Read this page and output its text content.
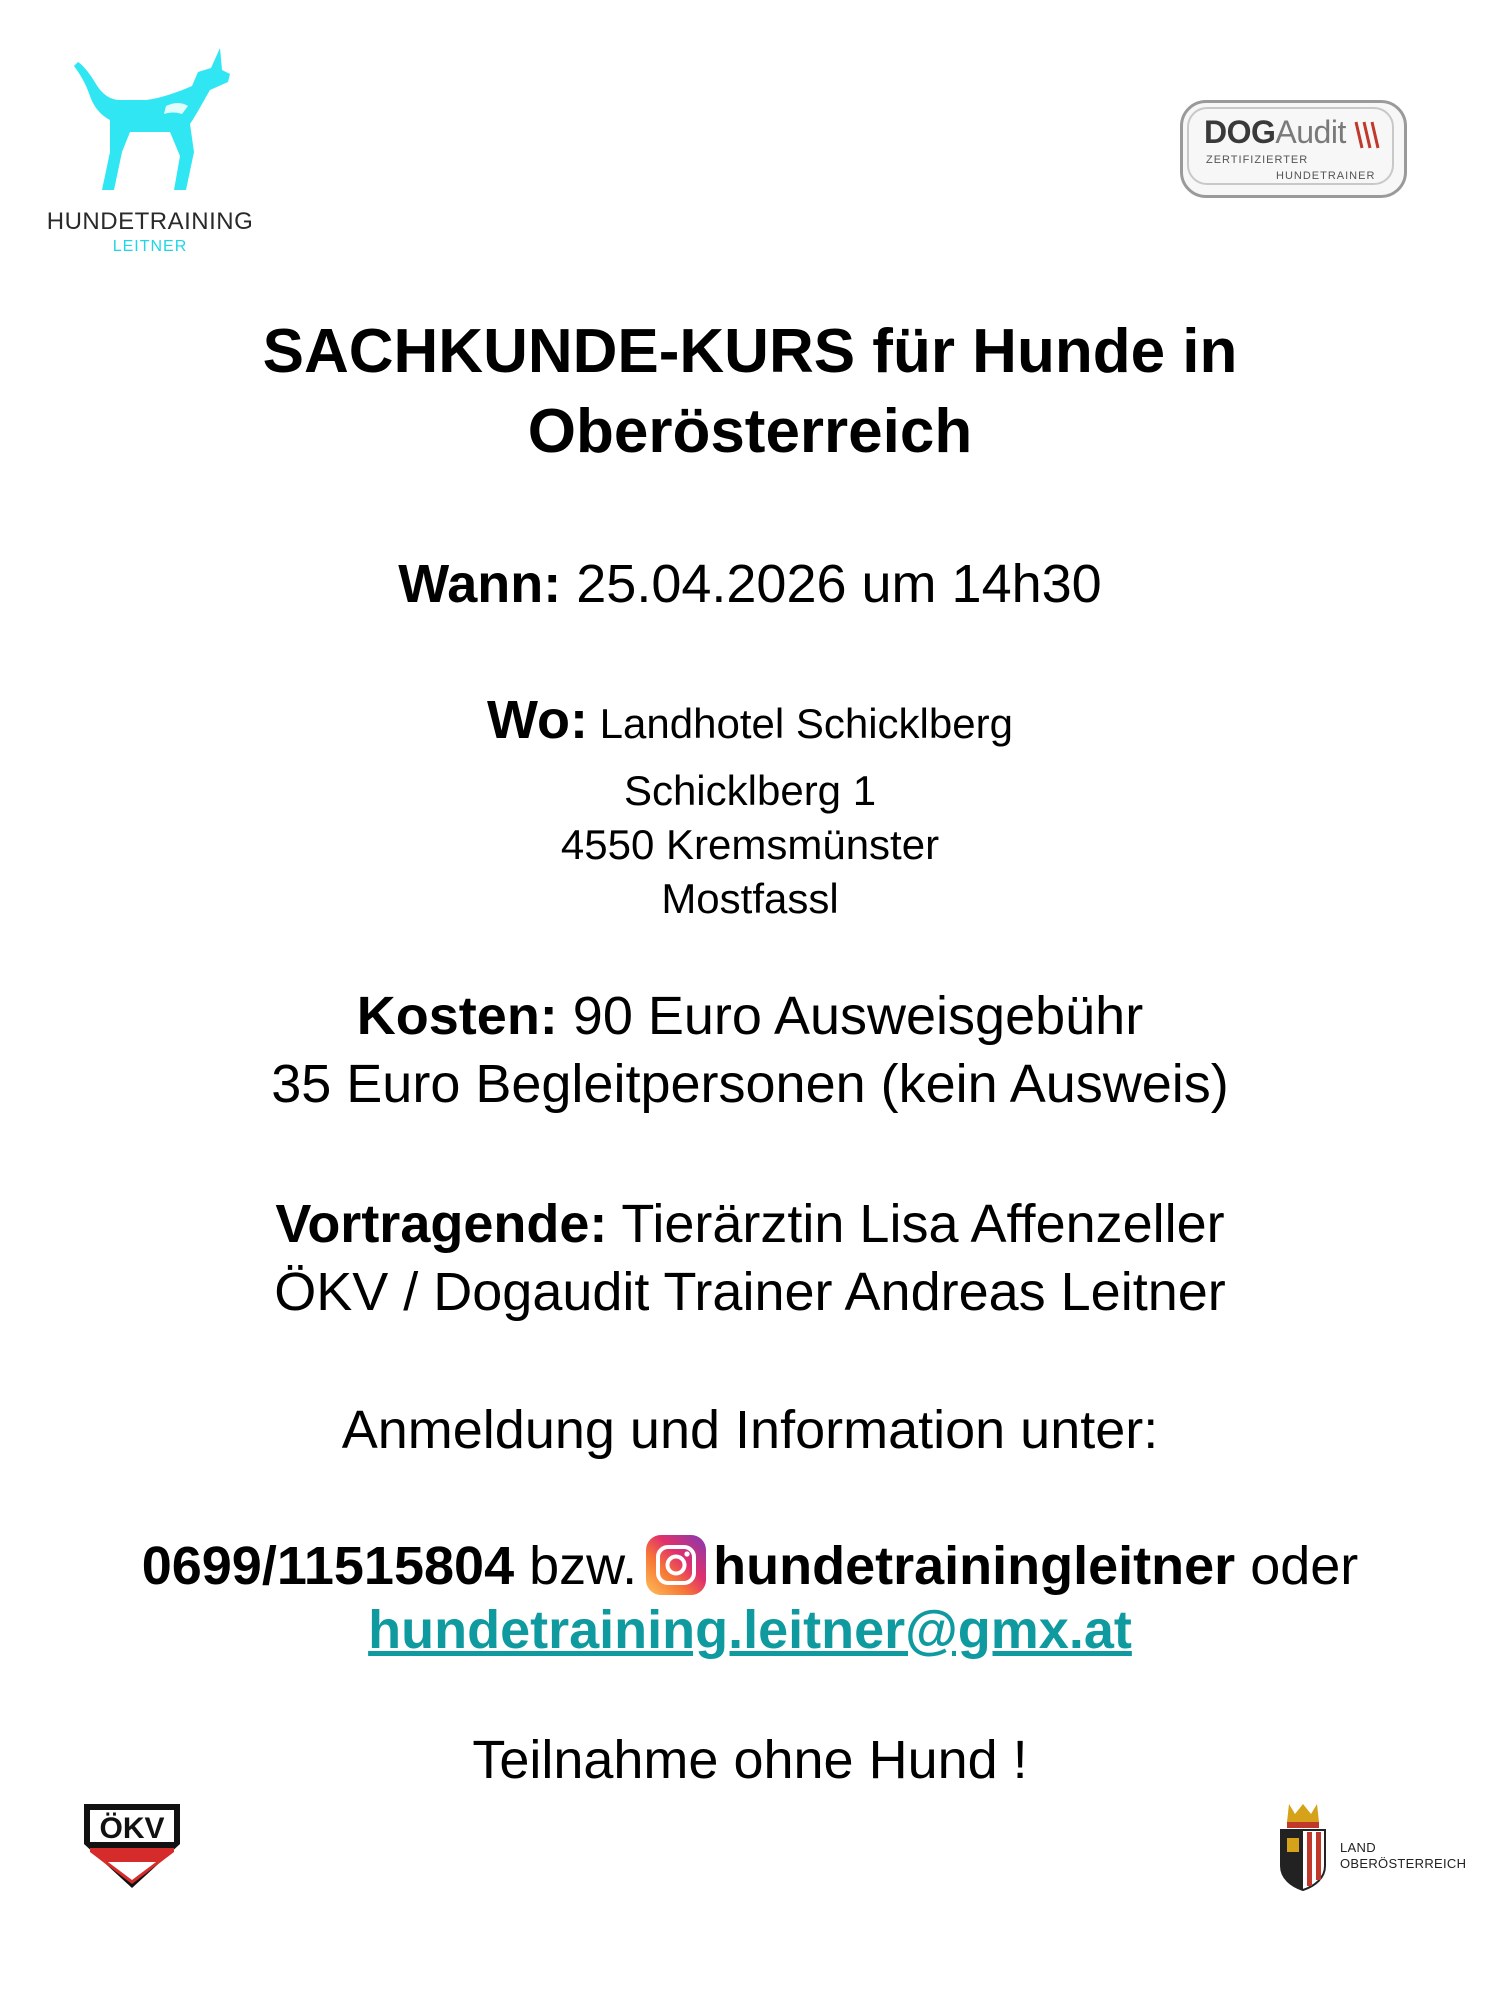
HUNDETRAINING
LEITNER
DOGAudit
ZERTIFIZIERTER
HUNDETRAINER
SACHKUNDE-KURS für Hunde in
Oberösterreich
Wann: 25.04.2026 um 14h30
Wo: Landhotel Schicklberg
Schicklberg 1
4550 Kremsmünster
Mostfassl
Kosten: 90 Euro Ausweisgebühr
35 Euro Begleitpersonen (kein Ausweis)
Vortragende: Tierärztin Lisa Affenzeller
ÖKV / Dogaudit Trainer Andreas Leitner
Anmeldung und Information unter:
0699/11515804 bzw. hundetrainingleitner oder
hundetraining.leitner@gmx.at
Teilnahme ohne Hund !
ÖKV
LAND
OBERÖSTERREICH
